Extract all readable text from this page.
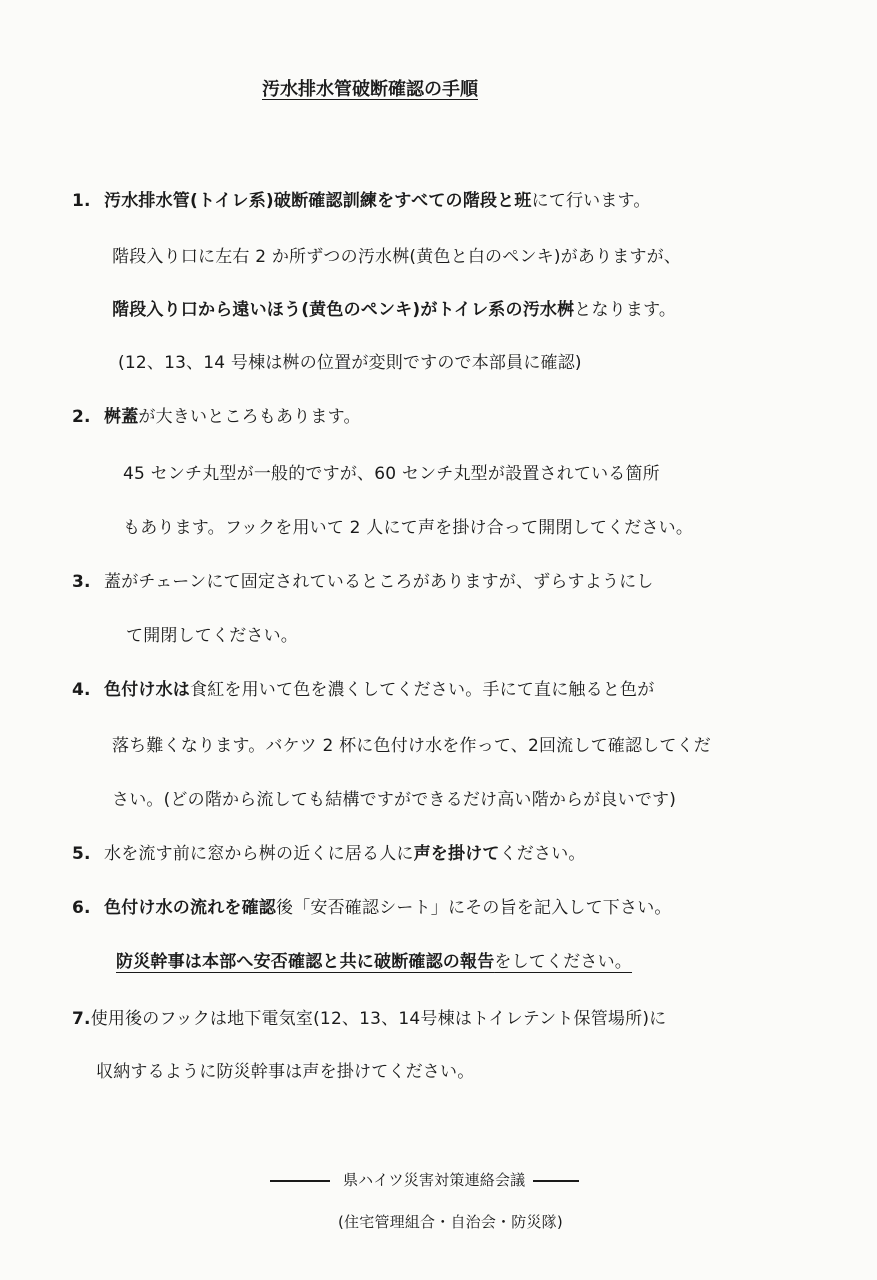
汚水排水管破断確認の手順
1. 汚水排水管(トイレ系)破断確認訓練をすべての階段と班にて行います。
階段入り口に左右 2 か所ずつの汚水桝(黄色と白のペンキ)がありますが、
階段入り口から遠いほう(黄色のペンキ)がトイレ系の汚水桝となります。
(12、13、14 号棟は桝の位置が変則ですので本部員に確認)
2. 桝蓋が大きいところもあります。
45 センチ丸型が一般的ですが、60 センチ丸型が設置されている箇所
もあります。フックを用いて 2 人にて声を掛け合って開閉してください。
3. 蓋がチェーンにて固定されているところがありますが、ずらすようにし
て開閉してください。
4. 色付け水は食紅を用いて色を濃くしてください。手にて直に触ると色が
落ち難くなります。バケツ 2 杯に色付け水を作って、2回流して確認してくだ
さい。(どの階から流しても結構ですができるだけ高い階からが良いです)
5. 水を流す前に窓から桝の近くに居る人に声を掛けてください。
6. 色付け水の流れを確認後「安否確認シート」にその旨を記入して下さい。
防災幹事は本部へ安否確認と共に破断確認の報告をしてください。
7.使用後のフックは地下電気室(12、13、14号棟はトイレテント保管場所)に
収納するように防災幹事は声を掛けてください。
県ハイツ災害対策連絡会議
(住宅管理組合・自治会・防災隊)
